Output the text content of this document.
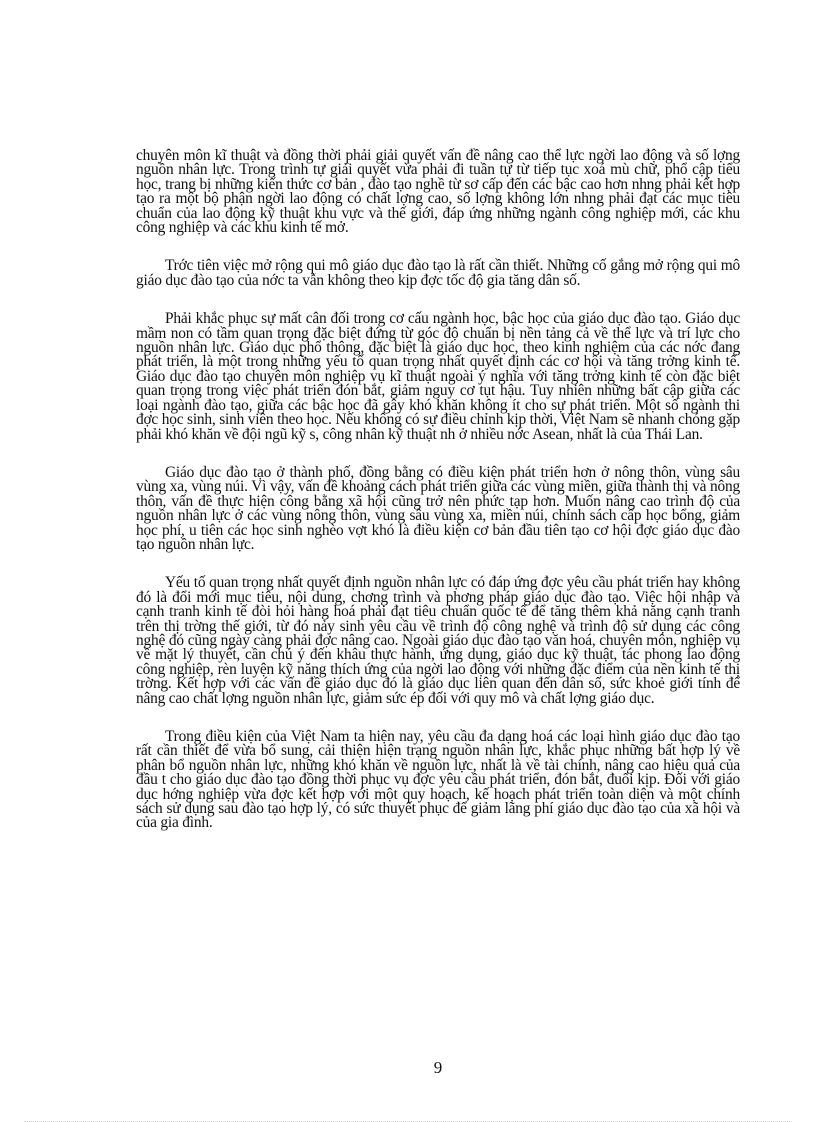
chuyên môn kĩ thuật và đồng thời phải giải quyết vấn đề nâng cao thể lực ngời lao động và số lợng nguồn nhân lực. Trong trình tự giải quyết vừa phải đi tuần tự từ tiếp tục xoá mù chữ, phổ cập tiểu học, trang bị những kiến thức cơ bản , đào tạo nghề từ sơ cấp đến các bậc cao hơn nhng phải kết hợp tạo ra một bộ phận ngời lao động có chất lợng cao, số lợng không lớn nhng phải đạt các mục tiêu chuẩn của lao động kỹ thuật khu vực và thế giới, đáp ứng những ngành công nghiệp mới, các khu công nghiệp và các khu kinh tế mở.

Trớc tiên việc mở rộng qui mô giáo dục đào tạo là rất cần thiết. Những cố gắng mở rộng qui mô giáo dục đào tạo của nớc ta vẫn không theo kịp đợc tốc độ gia tăng dân số.

Phải khắc phục sự mất cân đối trong cơ cấu ngành học, bậc học của giáo dục đào tạo. Giáo dục mầm non có tầm quan trọng đặc biệt đứng từ góc độ chuẩn bị nền tảng cả về thể lực và trí lực cho nguồn nhân lực. Giáo dục phổ thông, đặc biệt là giáo dục học, theo kinh nghiệm của các nớc đang phát triển, là một trong những yếu tố quan trọng nhất quyết định các cơ hội và tăng trởng kinh tế. Giáo dục đào tạo chuyên môn nghiệp vụ kĩ thuật ngoài ý nghĩa với tăng trởng kinh tế còn đặc biệt quan trọng trong việc phát triển đón bắt, giảm nguy cơ tụt hậu. Tuy nhiên những bất cập giữa các loại ngành đào tạo, giữa các bậc học đã gây khó khăn không ít cho sự phát triển. Một số ngành thi đợc học sinh, sinh viên theo học. Nếu không có sự điều chỉnh kịp thời, Việt Nam sẽ nhanh chóng gặp phải khó khăn về đội ngũ kỹ s, công nhân kỹ thuật nh ở nhiều nớc Asean, nhất là của Thái Lan.

Giáo dục đào tạo ở thành phố, đồng bằng có điều kiện phát triển hơn ở nông thôn, vùng sâu vùng xa, vùng núi. Vì vậy, vấn đề khoảng cách phát triển giữa các vùng miền, giữa thành thị và nông thôn, vấn đề thực hiện công bằng xã hội cũng trở nên phức tạp hơn. Muốn nâng cao trình độ của nguồn nhân lực ở các vùng nông thôn, vùng sâu vùng xa, miền núi, chính sách cấp học bổng, giảm học phí, u tiên các học sinh nghèo vợt khó là điều kiện cơ bản đầu tiên tạo cơ hội đợc giáo dục đào tạo nguồn nhân lực.

Yếu tố quan trọng nhất quyết định nguồn nhân lực có đáp ứng đợc yêu cầu phát triển hay không đó là đổi mới mục tiêu, nội dung, chơng trình và phơng pháp giáo dục đào tạo. Việc hội nhập và cạnh tranh kinh tế đòi hỏi hàng hoá phải đạt tiêu chuẩn quốc tế để tăng thêm khả năng cạnh tranh trên thị trờng thế giới, từ đó nảy sinh yêu cầu về trình độ công nghệ và trình độ sử dụng các công nghệ đó cũng ngày càng phải đợc nâng cao. Ngoài giáo dục đào tạo văn hoá, chuyên môn, nghiệp vụ về mặt lý thuyết, cần chú ý đến khâu thực hành, ứng dụng, giáo dục kỹ thuật, tác phong lao động công nghiệp, rèn luyện kỹ năng thích ứng của ngời lao động với những đặc điểm của nền kinh tế thị trờng. Kết hợp với các vấn đề giáo dục đó là giáo dục liên quan đến dân số, sức khoẻ giới tính để nâng cao chất lợng nguồn nhân lực, giảm sức ép đối với quy mô và chất lợng giáo dục.

Trong điều kiện của Việt Nam ta hiện nay, yêu cầu đa dạng hoá các loại hình giáo dục đào tạo rất cần thiết để vừa bổ sung, cải thiện hiện trạng nguồn nhân lực, khắc phục những bất hợp lý về phân bổ nguồn nhân lực, những khó khăn về nguồn lực, nhất là về tài chính, nâng cao hiệu quả của đầu t cho giáo dục đào tạo đồng thời phục vụ đợc yêu cầu phát triển, đón bắt, đuổi kịp. Đối với giáo dục hớng nghiệp vừa đợc kết hợp với một quy hoạch, kế hoạch phát triển toàn diện và một chính sách sử dụng sau đào tạo hợp lý, có sức thuyết phục để giảm lãng phí giáo dục đào tạo của xã hội và của gia đình.

9
